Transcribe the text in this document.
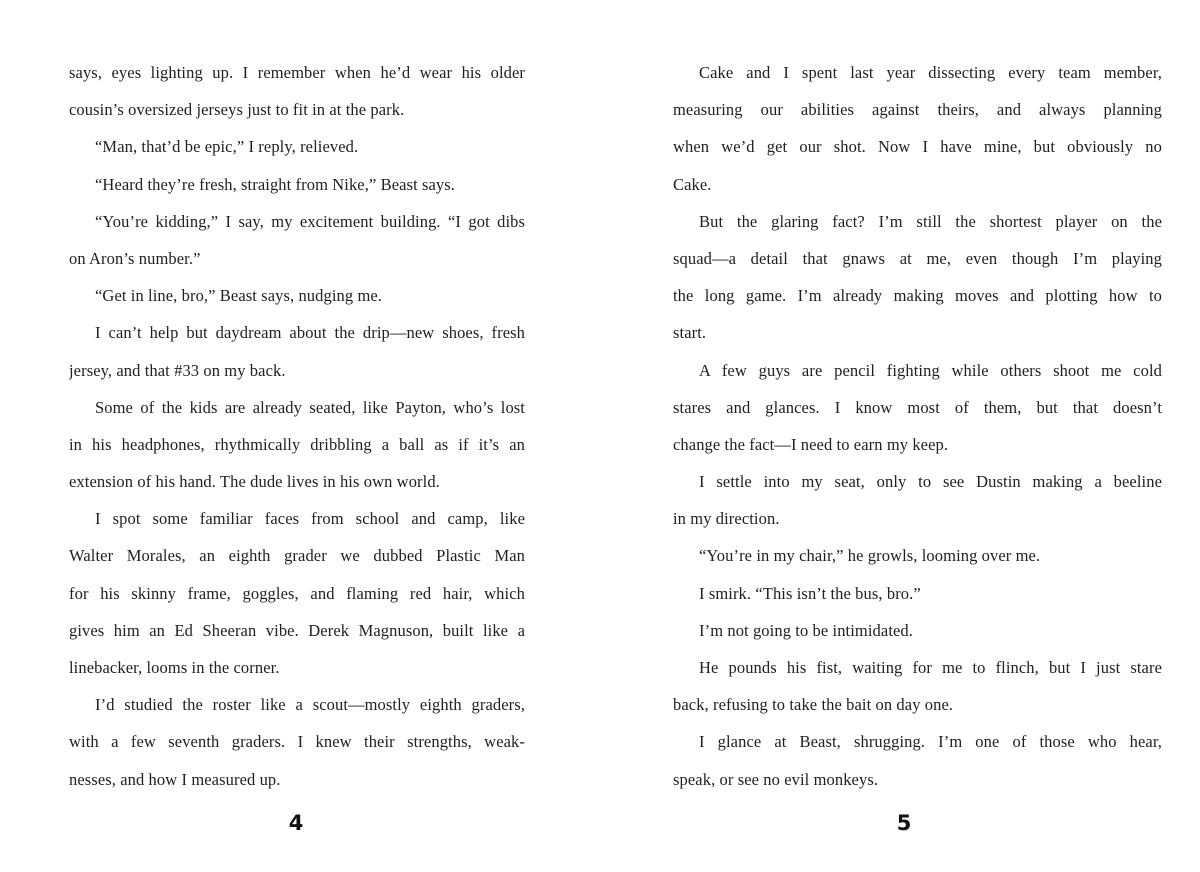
says, eyes lighting up. I remember when he’d wear his older
cousin’s oversized jerseys just to fit in at the park.
“Man, that’d be epic,” I reply, relieved.
“Heard they’re fresh, straight from Nike,” Beast says.
“You’re kidding,” I say, my excitement building. “I got dibs
on Aron’s number.”
“Get in line, bro,” Beast says, nudging me.
I can’t help but daydream about the drip—new shoes, fresh
jersey, and that #33 on my back.
Some of the kids are already seated, like Payton, who’s lost
in his headphones, rhythmically dribbling a ball as if it’s an
extension of his hand. The dude lives in his own world.
I spot some familiar faces from school and camp, like
Walter Morales, an eighth grader we dubbed Plastic Man
for his skinny frame, goggles, and flaming red hair, which
gives him an Ed Sheeran vibe. Derek Magnuson, built like a
linebacker, looms in the corner.
I’d studied the roster like a scout—mostly eighth graders,
with a few seventh graders. I knew their strengths, weak-
nesses, and how I measured up.
4
Cake and I spent last year dissecting every team member,
measuring our abilities against theirs, and always planning
when we’d get our shot. Now I have mine, but obviously no
Cake.
But the glaring fact? I’m still the shortest player on the
squad—a detail that gnaws at me, even though I’m playing
the long game. I’m already making moves and plotting how to
start.
A few guys are pencil fighting while others shoot me cold
stares and glances. I know most of them, but that doesn’t
change the fact—I need to earn my keep.
I settle into my seat, only to see Dustin making a beeline
in my direction.
“You’re in my chair,” he growls, looming over me.
I smirk. “This isn’t the bus, bro.”
I’m not going to be intimidated.
He pounds his fist, waiting for me to flinch, but I just stare
back, refusing to take the bait on day one.
I glance at Beast, shrugging. I’m one of those who hear,
speak, or see no evil monkeys.
5
